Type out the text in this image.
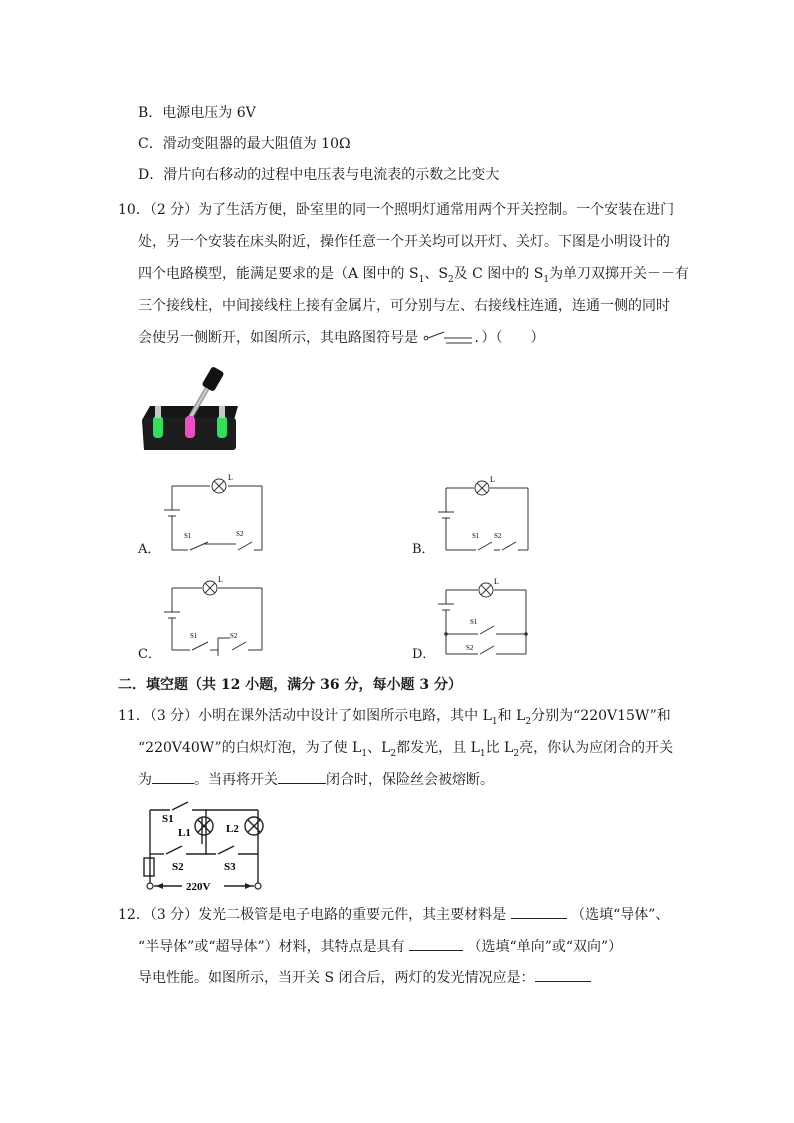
B．电源电压为 6V
C．滑动变阻器的最大阻值为 10Ω
D．滑片向右移动的过程中电压表与电流表的示数之比变大
10．（2 分）为了生活方便，卧室里的同一个照明灯通常用两个开关控制。一个安装在进门
处，另一个安装在床头附近，操作任意一个开关均可以开灯、关灯。下图是小明设计的
四个电路模型，能满足要求的是（A 图中的 $S_1$、$S_2$及 C 图中的 $S_1$为单刀双掷开关－－有
三个接线柱，中间接线柱上接有金属片，可分别与左、右接线柱连通，连通一侧的同时
会使另一侧断开，如图所示，其电路图符号是	．）（　　）
A．
L
S1	S2
B．
L
S1 S2
C．
L
S1	S2
D．
L
S1
S2
二．填空题（共 12 小题，满分 36 分，每小题 3 分）
11．（3 分）小明在课外活动中设计了如图所示电路，其中 $L_1$和 $L_2$分别为“220V15W”和
“220V40W”的白炽灯泡，为了使 $L_1$、$L_2$都发光，且 $L_1$比 $L_2$亮，你认为应闭合的开关
为	。当再将开关	闭合时，保险丝会被熔断。
S1
L1	L2
S2	S3
220V
12．（3 分）发光二极管是电子电路的重要元件，其主要材料是	（选填“导体”、
“半导体”或“超导体”）材料，其特点是具有	（选填“单向”或“双向”）
导电性能。如图所示，当开关 S 闭合后，两灯的发光情况应是：
